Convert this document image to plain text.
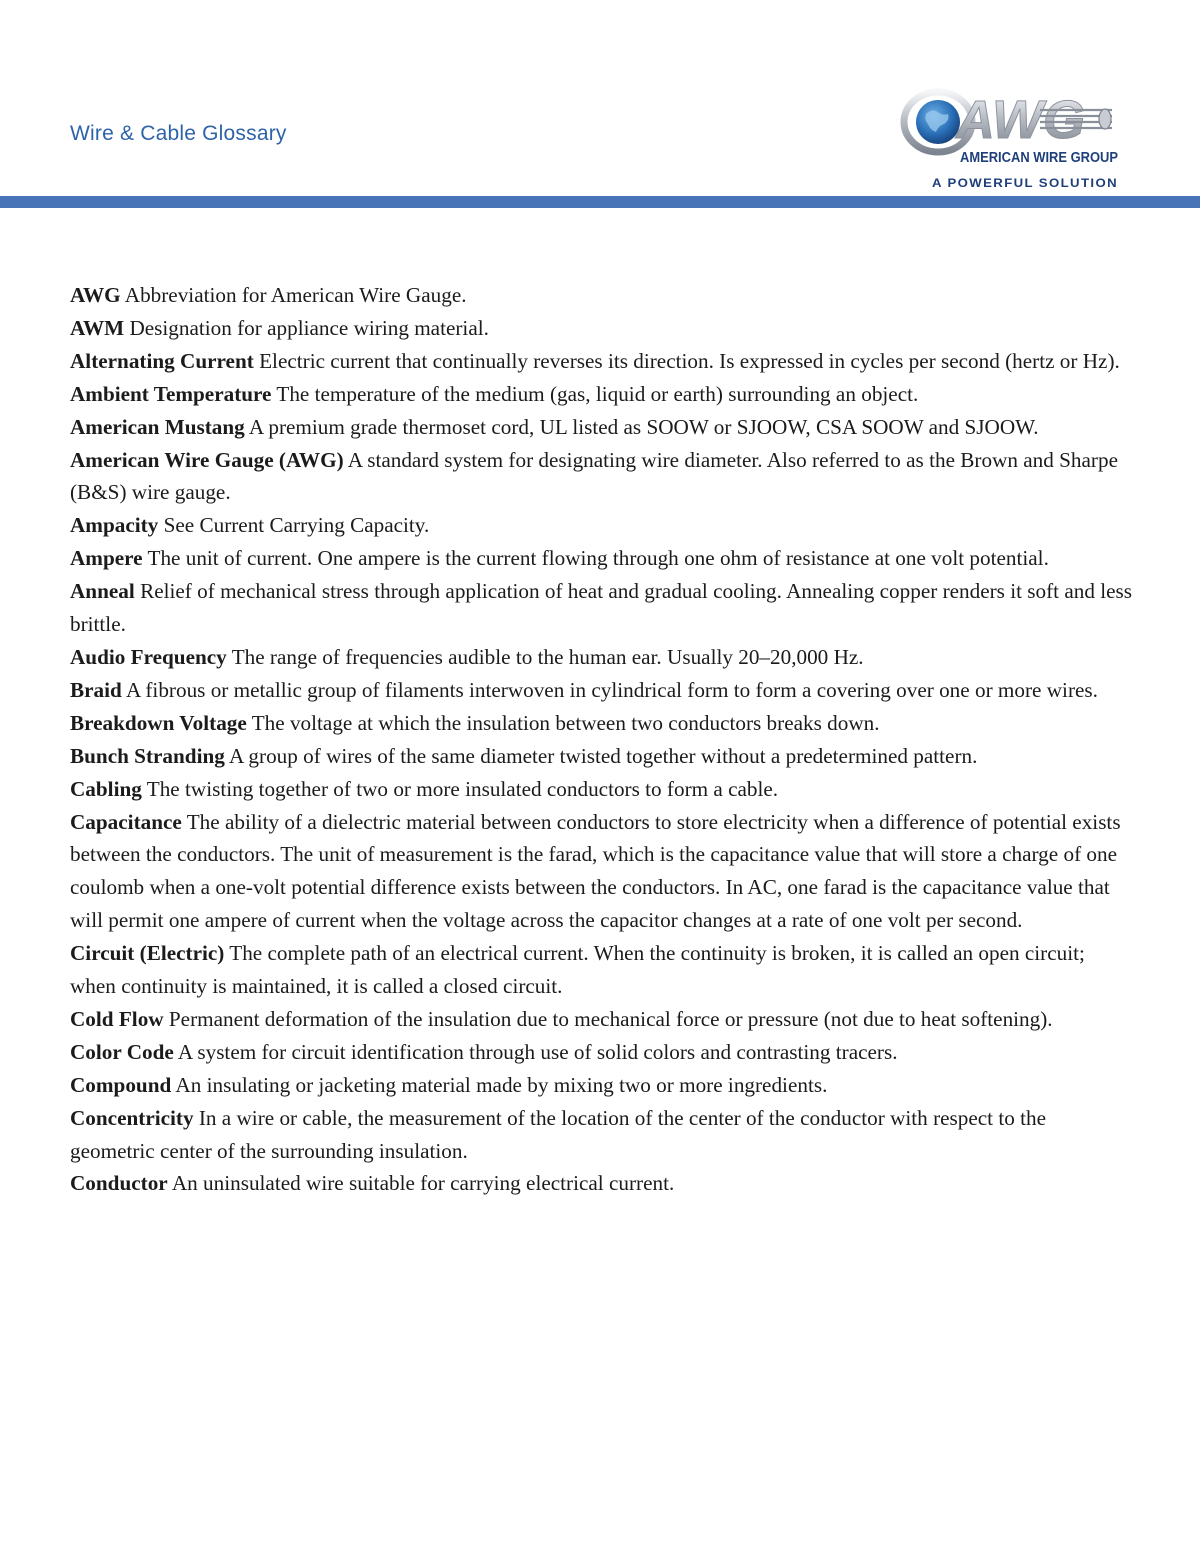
Wire & Cable Glossary	AWG
AMERICAN WIRE GROUP
A POWERFUL SOLUTION

AWG Abbreviation for American Wire Gauge.

AWM Designation for appliance wiring material.

Alternating Current Electric current that continually reverses its direction. Is expressed in cycles per second (hertz or Hz).

Ambient Temperature The temperature of the medium (gas, liquid or earth) surrounding an object.

American Mustang A premium grade thermoset cord, UL listed as SOOW or SJOOW, CSA SOOW and SJOOW.

American Wire Gauge (AWG) A standard system for designating wire diameter. Also referred to as the Brown and Sharpe (B&S) wire gauge.

Ampacity See Current Carrying Capacity.

Ampere The unit of current. One ampere is the current flowing through one ohm of resistance at one volt potential.

Anneal Relief of mechanical stress through application of heat and gradual cooling. Annealing copper renders it soft and less brittle.

Audio Frequency The range of frequencies audible to the human ear. Usually 20–20,000 Hz.

Braid A fibrous or metallic group of filaments interwoven in cylindrical form to form a covering over one or more wires.

Breakdown Voltage The voltage at which the insulation between two conductors breaks down.

Bunch Stranding A group of wires of the same diameter twisted together without a predetermined pattern.

Cabling The twisting together of two or more insulated conductors to form a cable.

Capacitance The ability of a dielectric material between conductors to store electricity when a difference of potential exists between the conductors. The unit of measurement is the farad, which is the capacitance value that will store a charge of one coulomb when a one-volt potential difference exists between the conductors. In AC, one farad is the capacitance value that will permit one ampere of current when the voltage across the capacitor changes at a rate of one volt per second.

Circuit (Electric) The complete path of an electrical current. When the continuity is broken, it is called an open circuit; when continuity is maintained, it is called a closed circuit.

Cold Flow Permanent deformation of the insulation due to mechanical force or pressure (not due to heat softening).

Color Code A system for circuit identification through use of solid colors and contrasting tracers.

Compound An insulating or jacketing material made by mixing two or more ingredients.

Concentricity In a wire or cable, the measurement of the location of the center of the conductor with respect to the geometric center of the surrounding insulation.

Conductor An uninsulated wire suitable for carrying electrical current.
